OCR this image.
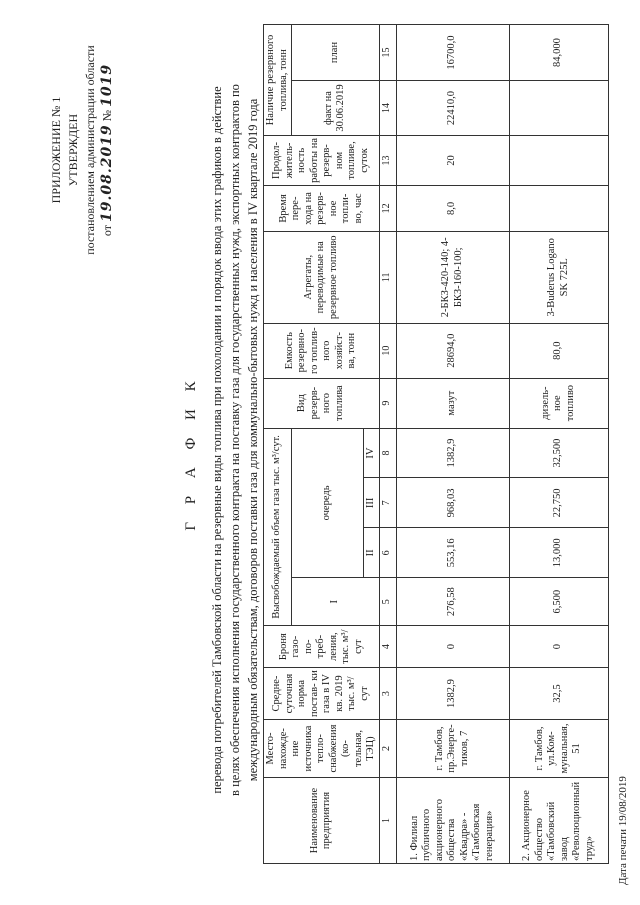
ПРИЛОЖЕНИЕ № 1 УТВЕРЖДЕН постановлением администрации области от 19.08.2019 № 1019
Г Р А Ф И К перевода потребителей Тамбовской области на резервные виды топлива при похолодании и порядок ввода этих графиков в действие в целях обеспечения исполнения государственного контракта на поставку газа для государственных нужд, экспортных контрактов по международным обязательствам, договоров поставки газа для коммунально-бытовых нужд и населения в IV квартале 2019 года
Наименование предприятия	Место- нахожде- ние источника тепло- снабжения (ко- тельная, ТЭЦ)	Средне- суточная норма постав- ки газа в IV кв. 2019 тыс. м³/сут	Броня газо- по- треб- ления, тыс. м³/ сут	Высвобождаемый объем газа тыс. м³/сут.				Вид резерв- ного топлива	Емкость резервно- го топлив- ного хозяйст- ва, тонн	Агрегаты, переводимые на резервное топливо	Время пере- хода на резерв- ное топли- во, час	Продол- житель- ность работы на резерв- ном топливе, суток	Наличие резервного топлива, тонн	
				I	очередь								факт на 30.06.2019	план
					II	III	IV							
1	2	3	4	5	6	7	8	9	10	11	12	13	14	15
1. Филиал публичного акционерного общества «Квадра» - «Тамбовская генерация»	г. Тамбов, пр.Энерге- тиков, 7	1382,9	0	276,58	553,16	968,03	1382,9	мазут	28694,0	2-БКЗ-420-140; 4-БКЗ-160-100;	8,0	20	22410,0	16700,0
2. Акционерное общество «Тамбовский завод «Революционный труд»	г. Тамбов, ул.Ком- мунальная, 51	32,5	0	6,500	13,000	22,750	32,500	дизель- ное топливо	80,0	3-Buderus Logano SK 725L				84,000
Дата печати 19/08/2019
